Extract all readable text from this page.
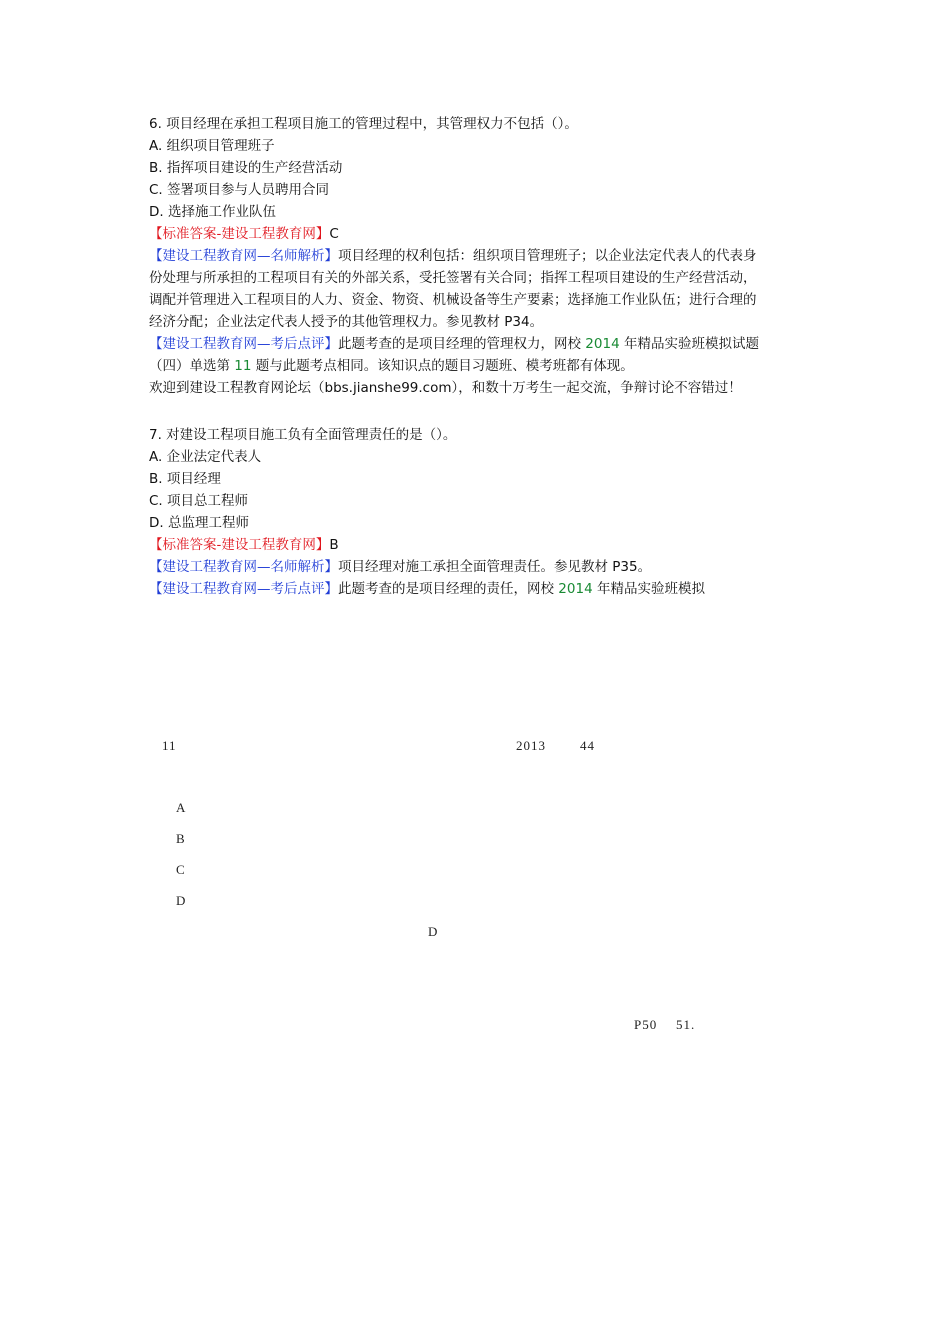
6. 项目经理在承担工程项目施工的管理过程中，其管理权力不包括（）。
A. 组织项目管理班子
B. 指挥项目建设的生产经营活动
C. 签署项目参与人员聘用合同
D. 选择施工作业队伍
【标准答案-建设工程教育网】C
【建设工程教育网—名师解析】项目经理的权利包括：组织项目管理班子；以企业法定代表人的代表身份处理与所承担的工程项目有关的外部关系，受托签署有关合同；指挥工程项目建设的生产经营活动，调配并管理进入工程项目的人力、资金、物资、机械设备等生产要素；选择施工作业队伍；进行合理的经济分配；企业法定代表人授予的其他管理权力。参见教材 P34。
【建设工程教育网—考后点评】此题考查的是项目经理的管理权力，网校 2014 年精品实验班模拟试题（四）单选第 11 题与此题考点相同。该知识点的题目习题班、模考班都有体现。
欢迎到建设工程教育网论坛（bbs.jianshe99.com），和数十万考生一起交流，争辩讨论不容错过！
7. 对建设工程项目施工负有全面管理责任的是（）。
A. 企业法定代表人
B. 项目经理
C. 项目总工程师
D. 总监理工程师
【标准答案-建设工程教育网】B
【建设工程教育网—名师解析】项目经理对施工承担全面管理责任。参见教材 P35。
【建设工程教育网—考后点评】此题考查的是项目经理的责任，网校 2014 年精品实验班模拟
11	2013	44
A
B
C
D
D
P50 51.
